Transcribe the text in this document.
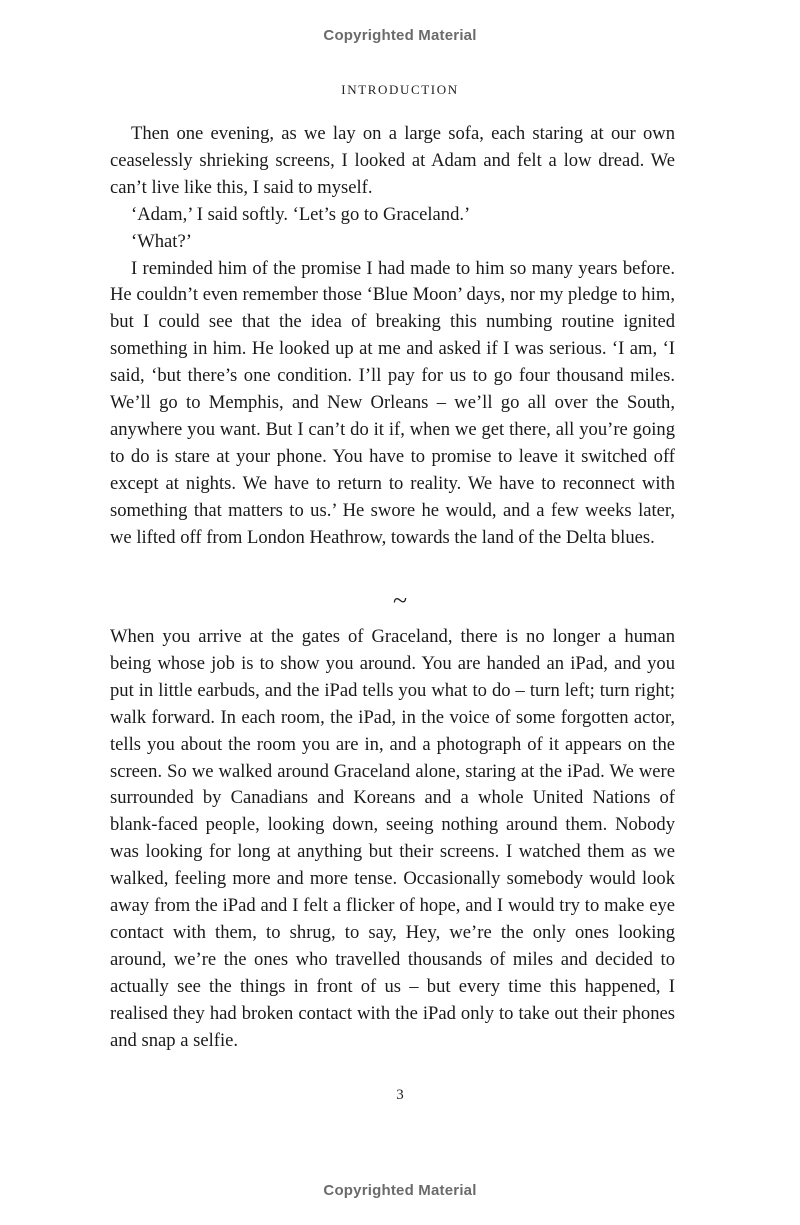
Copyrighted Material
INTRODUCTION

Then one evening, as we lay on a large sofa, each staring at our own ceaselessly shrieking screens, I looked at Adam and felt a low dread. We can’t live like this, I said to myself.

‘Adam,’ I said softly. ‘Let’s go to Graceland.’

‘What?’

I reminded him of the promise I had made to him so many years before. He couldn’t even remember those ‘Blue Moon’ days, nor my pledge to him, but I could see that the idea of breaking this numbing routine ignited something in him. He looked up at me and asked if I was serious. ‘I am, ‘I said, ‘but there’s one condition. I’ll pay for us to go four thousand miles. We’ll go to Memphis, and New Orleans – we’ll go all over the South, anywhere you want. But I can’t do it if, when we get there, all you’re going to do is stare at your phone. You have to promise to leave it switched off except at nights. We have to return to reality. We have to reconnect with something that matters to us.’ He swore he would, and a few weeks later, we lifted off from London Heathrow, towards the land of the Delta blues.

~

When you arrive at the gates of Graceland, there is no longer a human being whose job is to show you around. You are handed an iPad, and you put in little earbuds, and the iPad tells you what to do – turn left; turn right; walk forward. In each room, the iPad, in the voice of some forgotten actor, tells you about the room you are in, and a photograph of it appears on the screen. So we walked around Graceland alone, staring at the iPad. We were surrounded by Canadians and Koreans and a whole United Nations of blank-faced people, looking down, seeing nothing around them. Nobody was looking for long at anything but their screens. I watched them as we walked, feeling more and more tense. Occasionally somebody would look away from the iPad and I felt a flicker of hope, and I would try to make eye contact with them, to shrug, to say, Hey, we’re the only ones looking around, we’re the ones who travelled thousands of miles and decided to actually see the things in front of us – but every time this happened, I realised they had broken contact with the iPad only to take out their phones and snap a selfie.

3
Copyrighted Material
